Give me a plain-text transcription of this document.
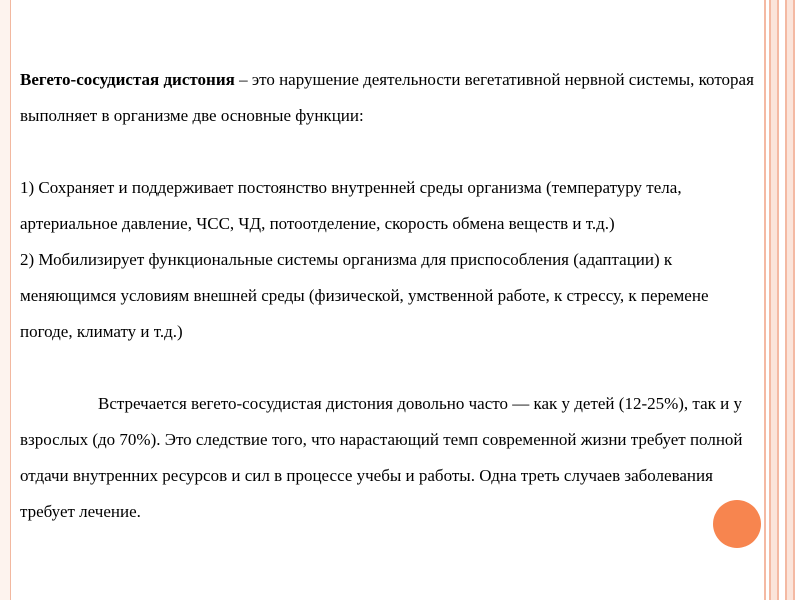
Вегето-сосудистая дистония – это нарушение деятельности вегетативной нервной системы, которая выполняет в организме две основные функции:

1) Сохраняет и поддерживает постоянство внутренней среды организма (температуру тела, артериальное давление, ЧСС, ЧД, потоотделение, скорость обмена веществ и т.д.)

2) Мобилизирует функциональные системы организма для приспособления (адаптации) к меняющимся условиям внешней среды (физической, умственной работе, к стрессу, к перемене погоде, климату и т.д.)

Встречается вегето-сосудистая дистония довольно часто — как у детей (12-25%), так и у взрослых (до 70%). Это следствие того, что нарастающий темп современной жизни требует полной отдачи внутренних ресурсов и сил в процессе учебы и работы. Одна треть случаев заболевания требует лечение.
